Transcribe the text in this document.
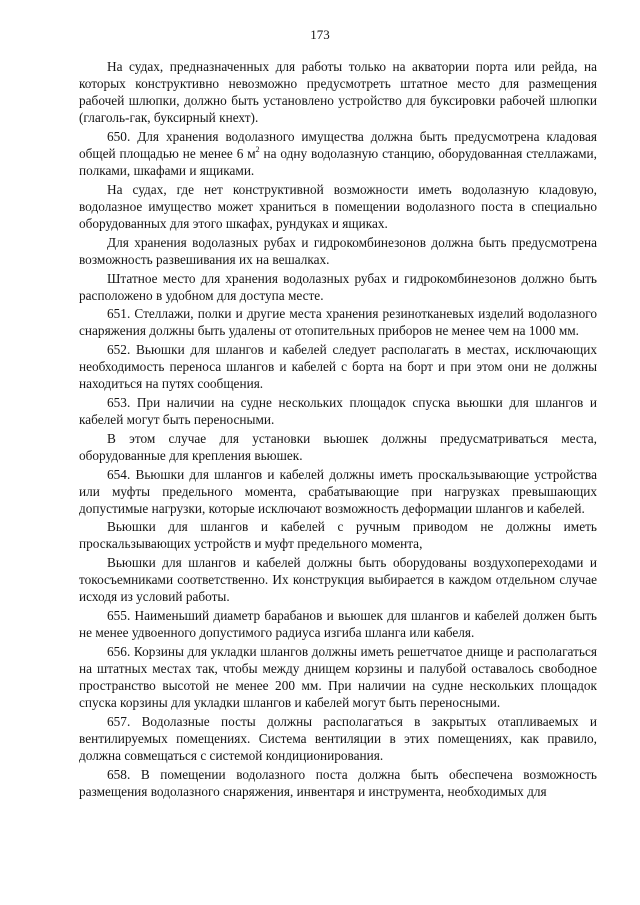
173

На судах, предназначенных для работы только на акватории порта или рейда, на которых конструктивно невозможно предусмотреть штатное место для размещения рабочей шлюпки, должно быть установлено устройство для буксировки рабочей шлюпки (глаголь-гак, буксирный кнехт).

650. Для хранения водолазного имущества должна быть предусмотрена кладовая общей площадью не менее 6 $м^2$ на одну водолазную станцию, оборудованная стеллажами, полками, шкафами и ящиками.

На судах, где нет конструктивной возможности иметь водолазную кладовую, водолазное имущество может храниться в помещении водолазного поста в специально оборудованных для этого шкафах, рундуках и ящиках.

Для хранения водолазных рубах и гидрокомбинезонов должна быть предусмотрена возможность развешивания их на вешалках.

Штатное место для хранения водолазных рубах и гидрокомбинезонов должно быть расположено в удобном для доступа месте.

651. Стеллажи, полки и другие места хранения резинотканевых изделий водолазного снаряжения должны быть удалены от отопительных приборов не менее чем на 1000 мм.

652. Вьюшки для шлангов и кабелей следует располагать в местах, исключающих необходимость переноса шлангов и кабелей с борта на борт и при этом они не должны находиться на путях сообщения.

653. При наличии на судне нескольких площадок спуска вьюшки для шлангов и кабелей могут быть переносными.

В этом случае для установки вьюшек должны предусматриваться места, оборудованные для крепления вьюшек.

654. Вьюшки для шлангов и кабелей должны иметь проскальзывающие устройства или муфты предельного момента, срабатывающие при нагрузках превышающих допустимые нагрузки, которые исключают возможность деформации шлангов и кабелей.

Вьюшки для шлангов и кабелей с ручным приводом не должны иметь проскальзывающих устройств и муфт предельного момента,

Вьюшки для шлангов и кабелей должны быть оборудованы воздухопереходами и токосъемниками соответственно. Их конструкция выбирается в каждом отдельном случае исходя из условий работы.

655. Наименьший диаметр барабанов и вьюшек для шлангов и кабелей должен быть не менее удвоенного допустимого радиуса изгиба шланга или кабеля.

656. Корзины для укладки шлангов должны иметь решетчатое днище и располагаться на штатных местах так, чтобы между днищем корзины и палубой оставалось свободное пространство высотой не менее 200 мм. При наличии на судне нескольких площадок спуска корзины для укладки шлангов и кабелей могут быть переносными.

657. Водолазные посты должны располагаться в закрытых отапливаемых и вентилируемых помещениях. Система вентиляции в этих помещениях, как правило, должна совмещаться с системой кондиционирования.

658. В помещении водолазного поста должна быть обеспечена возможность размещения водолазного снаряжения, инвентаря и инструмента, необходимых для
